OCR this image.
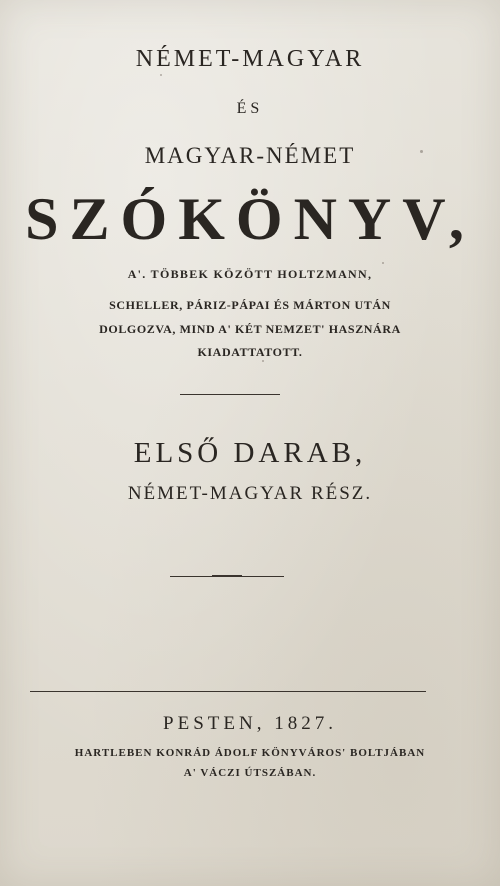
NÉMET-MAGYAR
ÉS
MAGYAR-NÉMET
SZÓKÖNYV,
A'. TÖBBEK KÖZÖTT HOLTZMANN,
SCHELLER, PÁRIZ-PÁPAI ÉS MÁRTON UTÁN
DOLGOZVA, MIND A' KÉT NEMZET' HASZNÁRA
KIADATTATOTT.
ELSŐ DARAB,
NÉMET-MAGYAR RÉSZ.
PESTEN, 1827.
HARTLEBEN KONRÁD ÁDOLF KÖNYVÁROS' BOLTJÁBAN
A' VÁCZI ÚTSZÁBAN.
